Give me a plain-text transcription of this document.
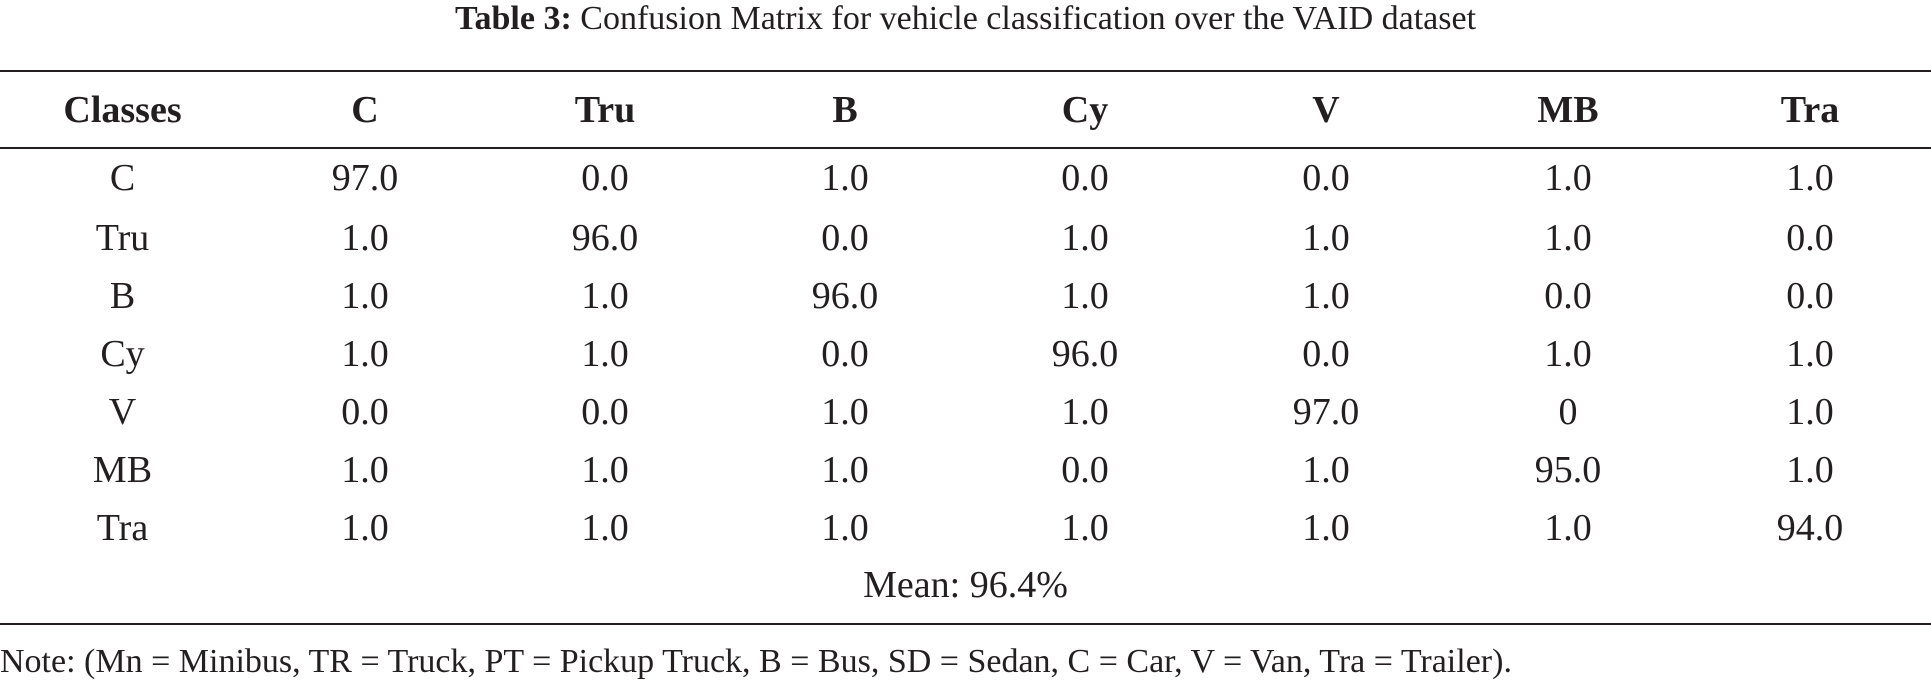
Table 3: Confusion Matrix for vehicle classification over the VAID dataset
Classes	C	Tru	B	Cy	V	MB	Tra
C	97.0	0.0	1.0	0.0	0.0	1.0	1.0
Tru	1.0	96.0	0.0	1.0	1.0	1.0	0.0
B	1.0	1.0	96.0	1.0	1.0	0.0	0.0
Cy	1.0	1.0	0.0	96.0	0.0	1.0	1.0
V	0.0	0.0	1.0	1.0	97.0	0	1.0
MB	1.0	1.0	1.0	0.0	1.0	95.0	1.0
Tra	1.0	1.0	1.0	1.0	1.0	1.0	94.0
Mean: 96.4%							
Note: (Mn = Minibus, TR = Truck, PT = Pickup Truck, B = Bus, SD = Sedan, C = Car, V = Van, Tra = Trailer).
